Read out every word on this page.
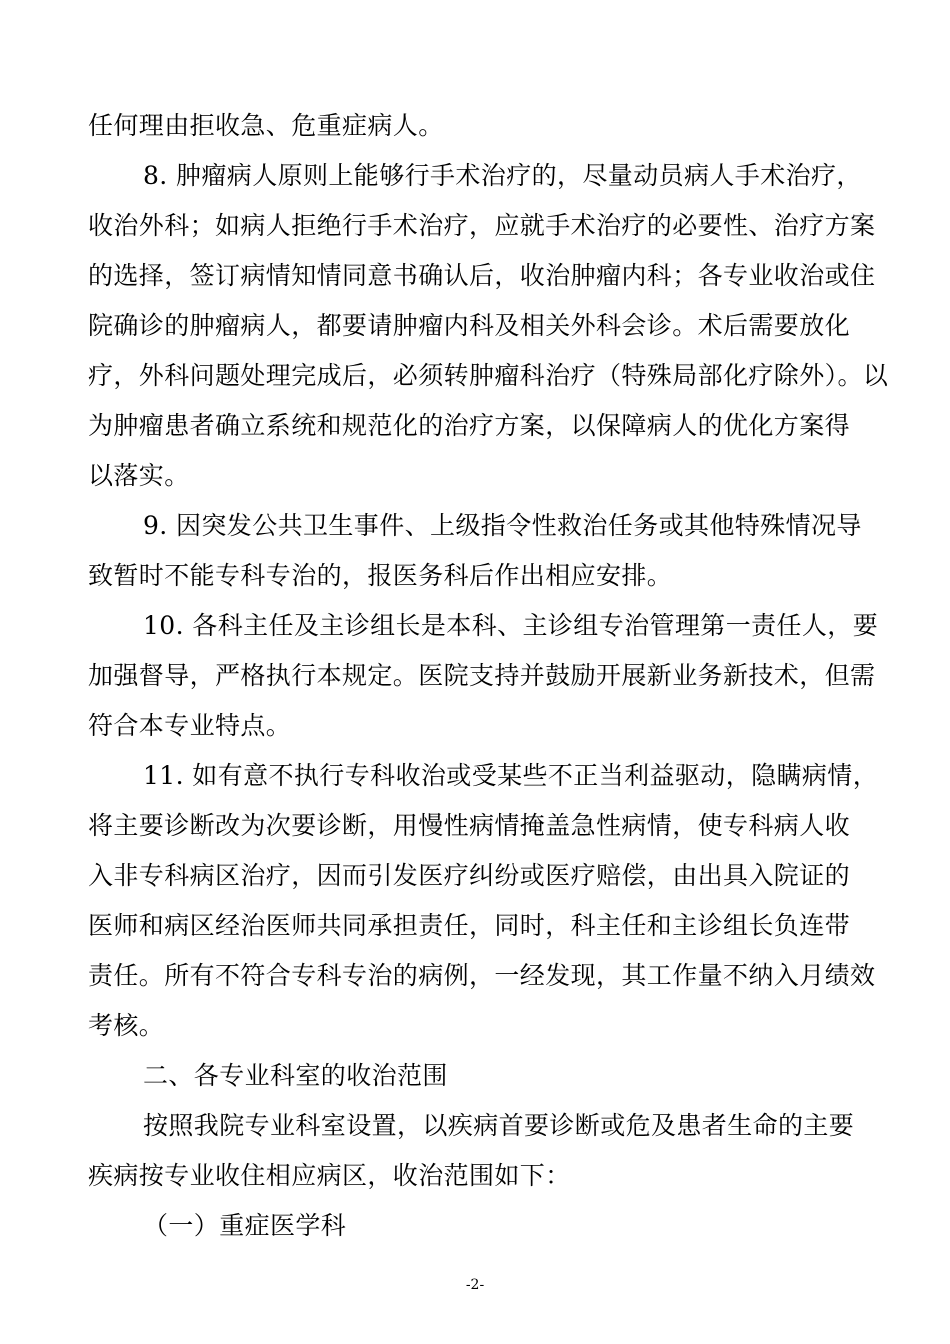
任何理由拒收急、危重症病人。
8. 肿瘤病人原则上能够行手术治疗的，尽量动员病人手术治疗，
收治外科；如病人拒绝行手术治疗，应就手术治疗的必要性、治疗方案
的选择，签订病情知情同意书确认后，收治肿瘤内科；各专业收治或住
院确诊的肿瘤病人，都要请肿瘤内科及相关外科会诊。术后需要放化
疗，外科问题处理完成后，必须转肿瘤科治疗（特殊局部化疗除外）。以
为肿瘤患者确立系统和规范化的治疗方案，以保障病人的优化方案得
以落实。
9. 因突发公共卫生事件、上级指令性救治任务或其他特殊情况导
致暂时不能专科专治的，报医务科后作出相应安排。
10. 各科主任及主诊组长是本科、主诊组专治管理第一责任人，要
加强督导，严格执行本规定。医院支持并鼓励开展新业务新技术，但需
符合本专业特点。
11. 如有意不执行专科收治或受某些不正当利益驱动，隐瞒病情，
将主要诊断改为次要诊断，用慢性病情掩盖急性病情，使专科病人收
入非专科病区治疗，因而引发医疗纠纷或医疗赔偿，由出具入院证的
医师和病区经治医师共同承担责任，同时，科主任和主诊组长负连带
责任。所有不符合专科专治的病例，一经发现，其工作量不纳入月绩效
考核。
二、各专业科室的收治范围
按照我院专业科室设置，以疾病首要诊断或危及患者生命的主要
疾病按专业收住相应病区，收治范围如下：
（一）重症医学科
-2-
